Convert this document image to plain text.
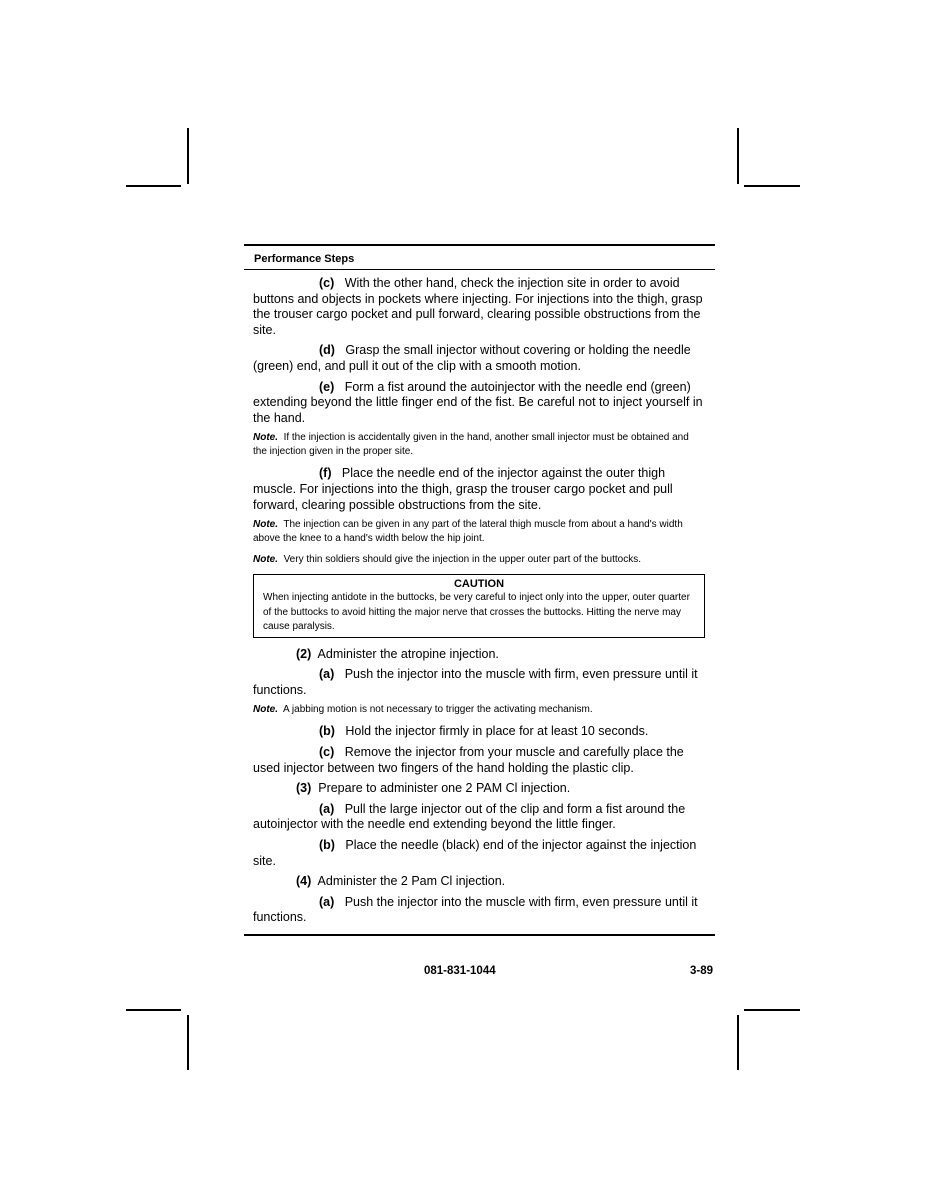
Performance Steps

(c) With the other hand, check the injection site in order to avoid buttons and objects in pockets where injecting. For injections into the thigh, grasp the trouser cargo pocket and pull forward, clearing possible obstructions from the site.

(d) Grasp the small injector without covering or holding the needle (green) end, and pull it out of the clip with a smooth motion.

(e) Form a fist around the autoinjector with the needle end (green) extending beyond the little finger end of the fist. Be careful not to inject yourself in the hand.

Note. If the injection is accidentally given in the hand, another small injector must be obtained and the injection given in the proper site.

(f) Place the needle end of the injector against the outer thigh muscle. For injections into the thigh, grasp the trouser cargo pocket and pull forward, clearing possible obstructions from the site.

Note. The injection can be given in any part of the lateral thigh muscle from about a hand's width above the knee to a hand's width below the hip joint.

Note. Very thin soldiers should give the injection in the upper outer part of the buttocks.

CAUTION
When injecting antidote in the buttocks, be very careful to inject only into the upper, outer quarter of the buttocks to avoid hitting the major nerve that crosses the buttocks. Hitting the nerve may cause paralysis.

(2) Administer the atropine injection.

(a) Push the injector into the muscle with firm, even pressure until it functions.

Note. A jabbing motion is not necessary to trigger the activating mechanism.

(b) Hold the injector firmly in place for at least 10 seconds.

(c) Remove the injector from your muscle and carefully place the used injector between two fingers of the hand holding the plastic clip.

(3) Prepare to administer one 2 PAM Cl injection.

(a) Pull the large injector out of the clip and form a fist around the autoinjector with the needle end extending beyond the little finger.

(b) Place the needle (black) end of the injector against the injection site.

(4) Administer the 2 Pam Cl injection.

(a) Push the injector into the muscle with firm, even pressure until it functions.

081-831-1044	3-89
